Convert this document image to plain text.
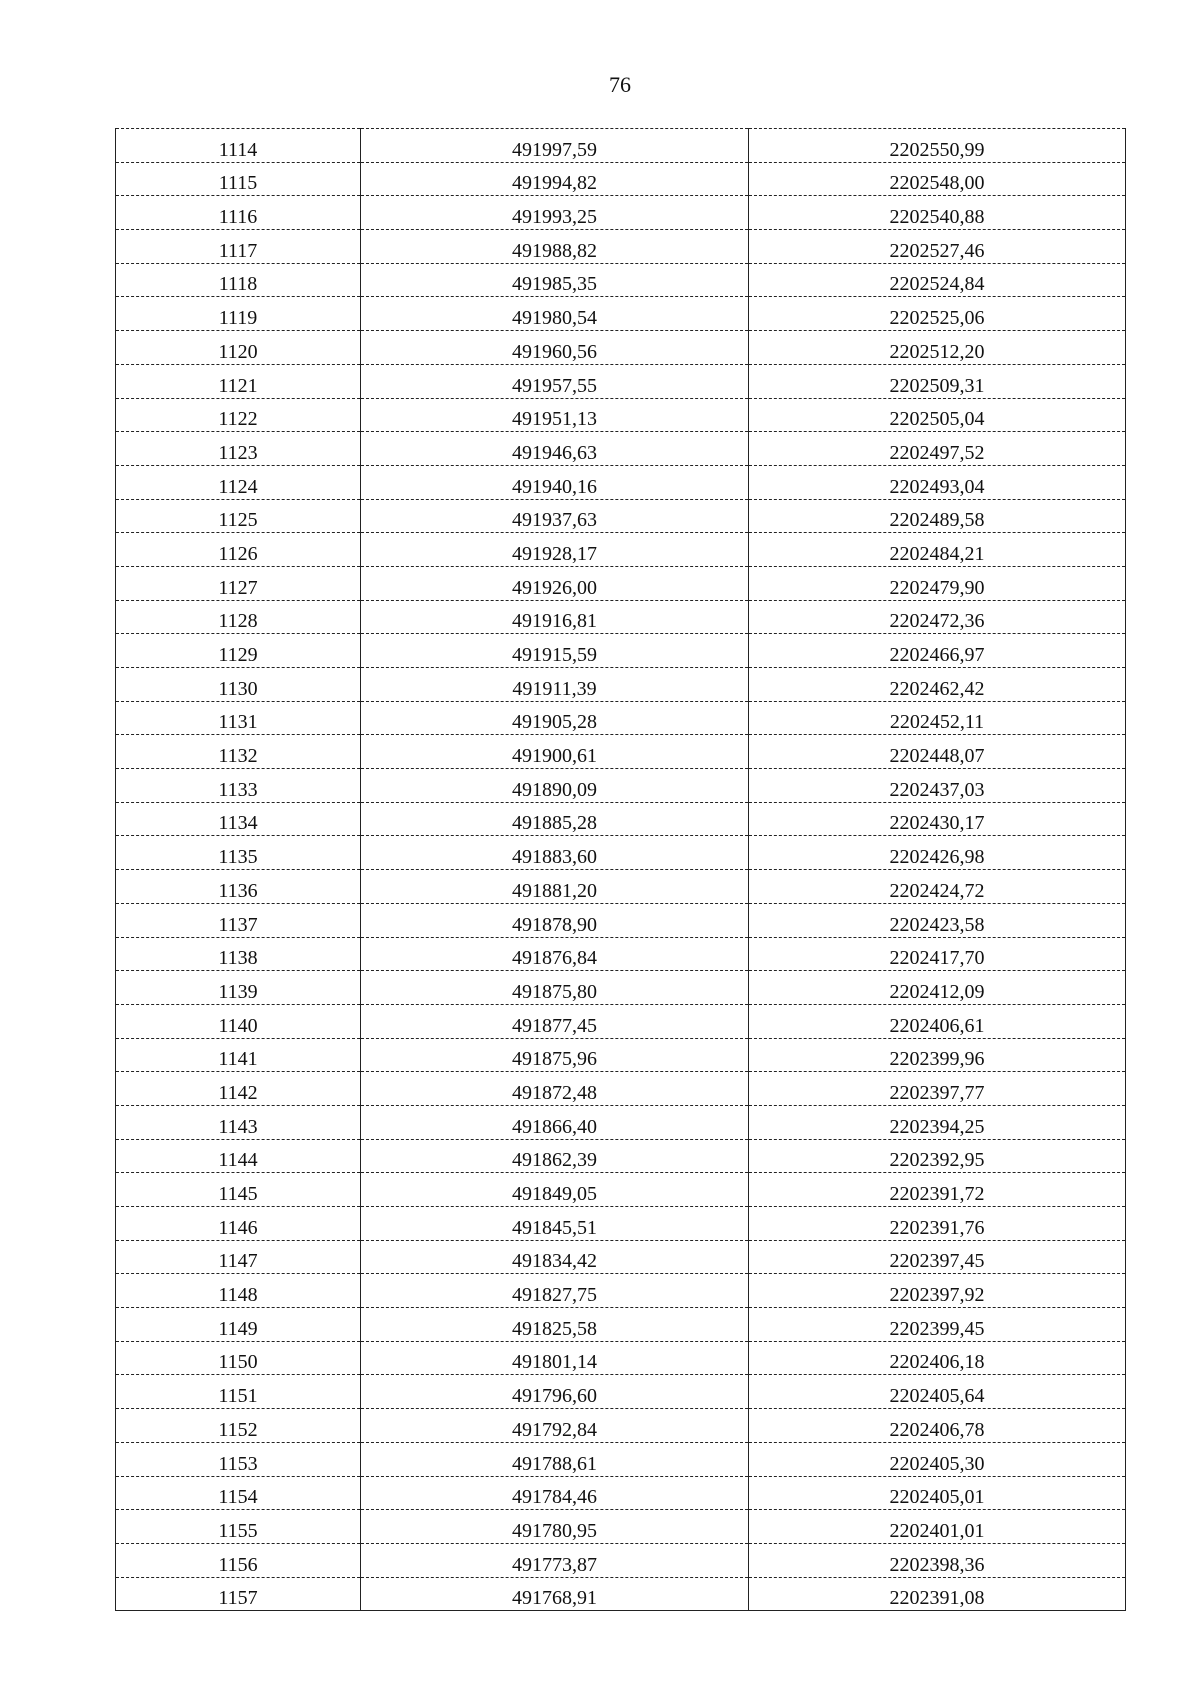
76
1114	491997,59	2202550,99
1115	491994,82	2202548,00
1116	491993,25	2202540,88
1117	491988,82	2202527,46
1118	491985,35	2202524,84
1119	491980,54	2202525,06
1120	491960,56	2202512,20
1121	491957,55	2202509,31
1122	491951,13	2202505,04
1123	491946,63	2202497,52
1124	491940,16	2202493,04
1125	491937,63	2202489,58
1126	491928,17	2202484,21
1127	491926,00	2202479,90
1128	491916,81	2202472,36
1129	491915,59	2202466,97
1130	491911,39	2202462,42
1131	491905,28	2202452,11
1132	491900,61	2202448,07
1133	491890,09	2202437,03
1134	491885,28	2202430,17
1135	491883,60	2202426,98
1136	491881,20	2202424,72
1137	491878,90	2202423,58
1138	491876,84	2202417,70
1139	491875,80	2202412,09
1140	491877,45	2202406,61
1141	491875,96	2202399,96
1142	491872,48	2202397,77
1143	491866,40	2202394,25
1144	491862,39	2202392,95
1145	491849,05	2202391,72
1146	491845,51	2202391,76
1147	491834,42	2202397,45
1148	491827,75	2202397,92
1149	491825,58	2202399,45
1150	491801,14	2202406,18
1151	491796,60	2202405,64
1152	491792,84	2202406,78
1153	491788,61	2202405,30
1154	491784,46	2202405,01
1155	491780,95	2202401,01
1156	491773,87	2202398,36
1157	491768,91	2202391,08
